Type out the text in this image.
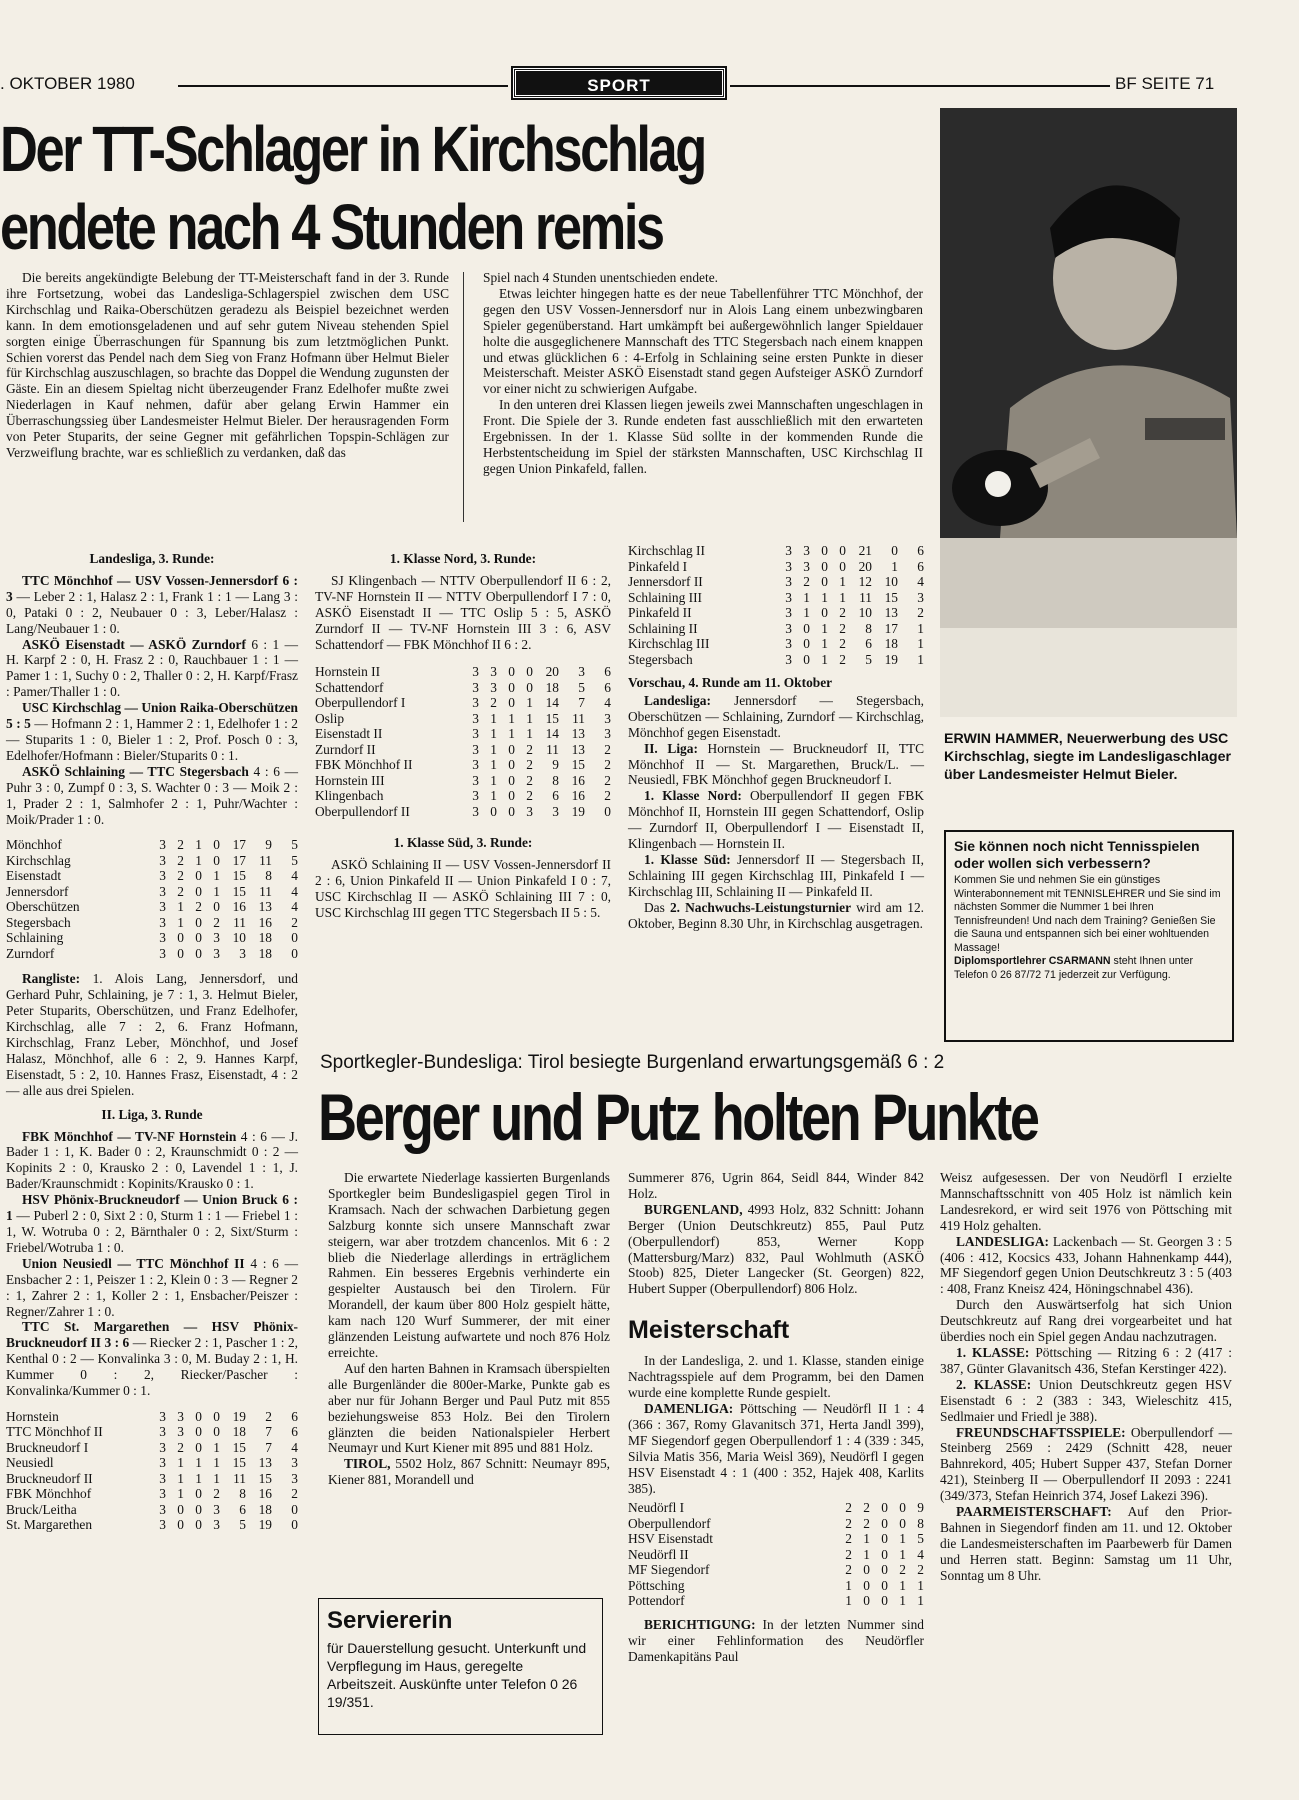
. OKTOBER 1980	SPORT	BF SEITE 71
Der TT-Schlager in Kirchschlag
endete nach 4 Stunden remis

Die bereits angekündigte Belebung der TT-Meisterschaft fand in der 3. Runde ihre Fortsetzung, wobei das Landesliga-Schlagerspiel zwischen dem USC Kirchschlag und Raika-Oberschützen geradezu als Beispiel bezeichnet werden kann. In dem emotionsgeladenen und auf sehr gutem Niveau stehenden Spiel sorgten einige Überraschungen für Spannung bis zum letztmöglichen Punkt. Schien vorerst das Pendel nach dem Sieg von Franz Hofmann über Helmut Bieler für Kirchschlag auszuschlagen, so brachte das Doppel die Wendung zugunsten der Gäste. Ein an diesem Spieltag nicht überzeugender Franz Edelhofer mußte zwei Niederlagen in Kauf nehmen, dafür aber gelang Erwin Hammer ein Überraschungssieg über Landesmeister Helmut Bieler. Der herausragenden Form von Peter Stuparits, der seine Gegner mit gefährlichen Topspin-Schlägen zur Verzweiflung brachte, war es schließlich zu verdanken, daß das

Spiel nach 4 Stunden unentschieden endete.

Etwas leichter hingegen hatte es der neue Tabellenführer TTC Mönchhof, der gegen den USV Vossen-Jennersdorf nur in Alois Lang einem unbezwingbaren Spieler gegenüberstand. Hart umkämpft bei außergewöhnlich langer Spieldauer holte die ausgeglichenere Mannschaft des TTC Stegersbach nach einem knappen und etwas glücklichen 6 : 4-Erfolg in Schlaining seine ersten Punkte in dieser Meisterschaft. Meister ASKÖ Eisenstadt stand gegen Aufsteiger ASKÖ Zurndorf vor einer nicht zu schwierigen Aufgabe.

In den unteren drei Klassen liegen jeweils zwei Mannschaften ungeschlagen in Front. Die Spiele der 3. Runde endeten fast ausschließlich mit den erwarteten Ergebnissen. In der 1. Klasse Süd sollte in der kommenden Runde die Herbstentscheidung im Spiel der stärksten Mannschaften, USC Kirchschlag II gegen Union Pinkafeld, fallen.

ERWIN HAMMER, Neuerwerbung des USC Kirchschlag, siegte im Landesligaschlager über Landesmeister Helmut Bieler.
Landesliga, 3. Runde:

TTC Mönchhof — USV Vossen-Jennersdorf 6 : 3 — Leber 2 : 1, Halasz 2 : 1, Frank 1 : 1 — Lang 3 : 0, Pataki 0 : 2, Neubauer 0 : 3, Leber/Halasz : Lang/Neubauer 1 : 0.

ASKÖ Eisenstadt — ASKÖ Zurndorf 6 : 1 — H. Karpf 2 : 0, H. Frasz 2 : 0, Rauchbauer 1 : 1 — Pamer 1 : 1, Suchy 0 : 2, Thaller 0 : 2, H. Karpf/Frasz : Pamer/Thaller 1 : 0.

USC Kirchschlag — Union Raika-Oberschützen 5 : 5 — Hofmann 2 : 1, Hammer 2 : 1, Edelhofer 1 : 2 — Stuparits 1 : 0, Bieler 1 : 2, Prof. Posch 0 : 3, Edelhofer/Hofmann : Bieler/Stuparits 0 : 1.

ASKÖ Schlaining — TTC Stegersbach 4 : 6 — Puhr 3 : 0, Zumpf 0 : 3, S. Wachter 0 : 3 — Moik 2 : 1, Prader 2 : 1, Salmhofer 2 : 1, Puhr/Wachter : Moik/Prader 1 : 0.

Mönchhof	3	2	1	0	17	9	5
Kirchschlag	3	2	1	0	17	11	5
Eisenstadt	3	2	0	1	15	8	4
Jennersdorf	3	2	0	1	15	11	4
Oberschützen	3	1	2	0	16	13	4
Stegersbach	3	1	0	2	11	16	2
Schlaining	3	0	0	3	10	18	0
Zurndorf	3	0	0	3	3	18	0

Rangliste: 1. Alois Lang, Jennersdorf, und Gerhard Puhr, Schlaining, je 7 : 1, 3. Helmut Bieler, Peter Stuparits, Oberschützen, und Franz Edelhofer, Kirchschlag, alle 7 : 2, 6. Franz Hofmann, Kirchschlag, Franz Leber, Mönchhof, und Josef Halasz, Mönchhof, alle 6 : 2, 9. Hannes Karpf, Eisenstadt, 5 : 2, 10. Hannes Frasz, Eisenstadt, 4 : 2 — alle aus drei Spielen.

II. Liga, 3. Runde

FBK Mönchhof — TV-NF Hornstein 4 : 6 — J. Bader 1 : 1, K. Bader 0 : 2, Kraunschmidt 0 : 2 — Kopinits 2 : 0, Krausko 2 : 0, Lavendel 1 : 1, J. Bader/Kraunschmidt : Kopinits/Krausko 0 : 1.

HSV Phönix-Bruckneudorf — Union Bruck 6 : 1 — Puberl 2 : 0, Sixt 2 : 0, Sturm 1 : 1 — Friebel 1 : 1, W. Wotruba 0 : 2, Bärnthaler 0 : 2, Sixt/Sturm : Friebel/Wotruba 1 : 0.

Union Neusiedl — TTC Mönchhof II 4 : 6 — Ensbacher 2 : 1, Peiszer 1 : 2, Klein 0 : 3 — Regner 2 : 1, Zahrer 2 : 1, Koller 2 : 1, Ensbacher/Peiszer : Regner/Zahrer 1 : 0.

TTC St. Margarethen — HSV Phönix-Bruckneudorf II 3 : 6 — Riecker 2 : 1, Pascher 1 : 2, Kenthal 0 : 2 — Konvalinka 3 : 0, M. Buday 2 : 1, H. Kummer 0 : 2, Riecker/Pascher : Konvalinka/Kummer 0 : 1.

Hornstein	3	3	0	0	19	2	6
TTC Mönchhof II	3	3	0	0	18	7	6
Bruckneudorf I	3	2	0	1	15	7	4
Neusiedl	3	1	1	1	15	13	3
Bruckneudorf II	3	1	1	1	11	15	3
FBK Mönchhof	3	1	0	2	8	16	2
Bruck/Leitha	3	0	0	3	6	18	0
St. Margarethen	3	0	0	3	5	19	0
1. Klasse Nord, 3. Runde:

SJ Klingenbach — NTTV Oberpullendorf II 6 : 2, TV-NF Hornstein II — NTTV Oberpullendorf I 7 : 0, ASKÖ Eisenstadt II — TTC Oslip 5 : 5, ASKÖ Zurndorf II — TV-NF Hornstein III 3 : 6, ASV Schattendorf — FBK Mönchhof II 6 : 2.

Hornstein II	3	3	0	0	20	3	6
Schattendorf	3	3	0	0	18	5	6
Oberpullendorf I	3	2	0	1	14	7	4
Oslip	3	1	1	1	15	11	3
Eisenstadt II	3	1	1	1	14	13	3
Zurndorf II	3	1	0	2	11	13	2
FBK Mönchhof II	3	1	0	2	9	15	2
Hornstein III	3	1	0	2	8	16	2
Klingenbach	3	1	0	2	6	16	2
Oberpullendorf II	3	0	0	3	3	19	0
1. Klasse Süd, 3. Runde:

ASKÖ Schlaining II — USV Vossen-Jennersdorf II 2 : 6, Union Pinkafeld II — Union Pinkafeld I 0 : 7, USC Kirchschlag II — ASKÖ Schlaining III 7 : 0, USC Kirchschlag III gegen TTC Stegersbach II 5 : 5.

Kirchschlag II	3	3	0	0	21	0	6
Pinkafeld I	3	3	0	0	20	1	6
Jennersdorf II	3	2	0	1	12	10	4
Schlaining III	3	1	1	1	11	15	3
Pinkafeld II	3	1	0	2	10	13	2
Schlaining II	3	0	1	2	8	17	1
Kirchschlag III	3	0	1	2	6	18	1
Stegersbach	3	0	1	2	5	19	1
Vorschau, 4. Runde am 11. Oktober

Landesliga: Jennersdorf — Stegersbach, Oberschützen — Schlaining, Zurndorf — Kirchschlag, Mönchhof gegen Eisenstadt.

II. Liga: Hornstein — Bruckneudorf II, TTC Mönchhof II — St. Margarethen, Bruck/L. — Neusiedl, FBK Mönchhof gegen Bruckneudorf I.

1. Klasse Nord: Oberpullendorf II gegen FBK Mönchhof II, Hornstein III gegen Schattendorf, Oslip — Zurndorf II, Oberpullendorf I — Eisenstadt II, Klingenbach — Hornstein II.

1. Klasse Süd: Jennersdorf II — Stegersbach II, Schlaining III gegen Kirchschlag III, Pinkafeld I — Kirchschlag III, Schlaining II — Pinkafeld II.

Das 2. Nachwuchs-Leistungsturnier wird am 12. Oktober, Beginn 8.30 Uhr, in Kirchschlag ausgetragen.

Sie können noch nicht Tennisspielen oder wollen sich verbessern?
Kommen Sie und nehmen Sie ein günstiges Winterabonnement mit TENNISLEHRER und Sie sind im nächsten Sommer die Nummer 1 bei Ihren Tennisfreunden! Und nach dem Training? Genießen Sie die Sauna und entspannen sich bei einer wohltuenden Massage!
Diplomsportlehrer CSARMANN steht Ihnen unter Telefon 0 26 87/72 71 jederzeit zur Verfügung.
Sportkegler-Bundesliga: Tirol besiegte Burgenland erwartungsgemäß 6 : 2
Berger und Putz holten Punkte

Die erwartete Niederlage kassierten Burgenlands Sportkegler beim Bundesligaspiel gegen Tirol in Kramsach. Nach der schwachen Darbietung gegen Salzburg konnte sich unsere Mannschaft zwar steigern, war aber trotzdem chancenlos. Mit 6 : 2 blieb die Niederlage allerdings in erträglichem Rahmen. Ein besseres Ergebnis verhinderte ein gespielter Austausch bei den Tirolern. Für Morandell, der kaum über 800 Holz gespielt hätte, kam nach 120 Wurf Summerer, der mit einer glänzenden Leistung aufwartete und noch 876 Holz erreichte.

Auf den harten Bahnen in Kramsach überspielten alle Burgenländer die 800er-Marke, Punkte gab es aber nur für Johann Berger und Paul Putz mit 855 beziehungsweise 853 Holz. Bei den Tirolern glänzten die beiden Nationalspieler Herbert Neumayr und Kurt Kiener mit 895 und 881 Holz.

TIROL, 5502 Holz, 867 Schnitt: Neumayr 895, Kiener 881, Morandell und

Summerer 876, Ugrin 864, Seidl 844, Winder 842 Holz.

BURGENLAND, 4993 Holz, 832 Schnitt: Johann Berger (Union Deutschkreutz) 855, Paul Putz (Oberpullendorf) 853, Werner Kopp (Mattersburg/Marz) 832, Paul Wohlmuth (ASKÖ Stoob) 825, Dieter Langecker (St. Georgen) 822, Hubert Supper (Oberpullendorf) 806 Holz.

Meisterschaft

In der Landesliga, 2. und 1. Klasse, standen einige Nachtragsspiele auf dem Programm, bei den Damen wurde eine komplette Runde gespielt.

DAMENLIGA: Pöttsching — Neudörfl II 1 : 4 (366 : 367, Romy Glavanitsch 371, Herta Jandl 399), MF Siegendorf gegen Oberpullendorf 1 : 4 (339 : 345, Silvia Matis 356, Maria Weisl 369), Neudörfl I gegen HSV Eisenstadt 4 : 1 (400 : 352, Hajek 408, Karlits 385).

Neudörfl I	2	2	0	0	9
Oberpullendorf	2	2	0	0	8
HSV Eisenstadt	2	1	0	1	5
Neudörfl II	2	1	0	1	4
MF Siegendorf	2	0	0	2	2
Pöttsching	1	0	0	1	1
Pottendorf	1	0	0	1	1

BERICHTIGUNG: In der letzten Nummer sind wir einer Fehlinformation des Neudörfler Damenkapitäns Paul

Weisz aufgesessen. Der von Neudörfl I erzielte Mannschaftsschnitt von 405 Holz ist nämlich kein Landesrekord, er wird seit 1976 von Pöttsching mit 419 Holz gehalten.

LANDESLIGA: Lackenbach — St. Georgen 3 : 5 (406 : 412, Kocsics 433, Johann Hahnenkamp 444), MF Siegendorf gegen Union Deutschkreutz 3 : 5 (403 : 408, Franz Kneisz 424, Höningschnabel 436).

Durch den Auswärtserfolg hat sich Union Deutschkreutz auf Rang drei vorgearbeitet und hat überdies noch ein Spiel gegen Andau nachzutragen.

1. KLASSE: Pöttsching — Ritzing 6 : 2 (417 : 387, Günter Glavanitsch 436, Stefan Kerstinger 422).

2. KLASSE: Union Deutschkreutz gegen HSV Eisenstadt 6 : 2 (383 : 343, Wieleschitz 415, Sedlmaier und Friedl je 388).

FREUNDSCHAFTSSPIELE: Oberpullendorf — Steinberg 2569 : 2429 (Schnitt 428, neuer Bahnrekord, 405; Hubert Supper 437, Stefan Dorner 421), Steinberg II — Oberpullendorf II 2093 : 2241 (349/373, Stefan Heinrich 374, Josef Lakezi 396).

PAARMEISTERSCHAFT: Auf den Prior-Bahnen in Siegendorf finden am 11. und 12. Oktober die Landesmeisterschaften im Paarbewerb für Damen und Herren statt. Beginn: Samstag um 11 Uhr, Sonntag um 8 Uhr.

Serviererin
für Dauerstellung gesucht. Unterkunft und Verpflegung im Haus, geregelte Arbeitszeit. Auskünfte unter Telefon 0 26 19/351.
